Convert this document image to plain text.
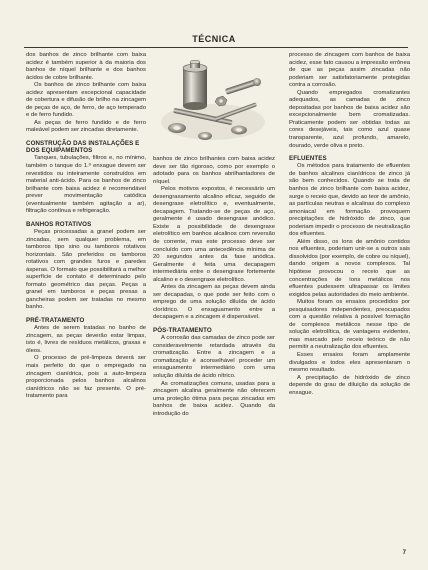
TÉCNICA

dos banhos de zinco brilhante com baixa acidez é também superior à da maioria dos banhos de níquel brilhante e dos banhos ácidos de cobre brilhante.

Os banhos de zinco brilhante com baixa acidez apresentam excepcional capacidade de cobertura e difusão de brilho na zincagem de peças de aço, de ferro, de aço temperado e de ferro fundido.

As peças de ferro fundido e de ferro maleável podem ser zincadas diretamente.

CONSTRUÇÃO DAS INSTALAÇÕES E DOS EQUIPAMENTOS

Tanques, tubulações, filtros e, no mínimo, também o tanque do 1.º enxague devem ser revestidos ou inteiramente construídos em material anti-ácido. Para os banhos de zinco brilhante com baixa acidez é recomendável prever movimentação catódica (eventualmente também agitação a ar), filtração contínua e refrigeração.

BANHOS ROTATIVOS

Peças processadas a granel podem ser zincadas, sem qualquer problema, em tamboros tipo sino ou tamboros rotativos horizontais. São preferidos os tamboros rotativos com grandes furos e paredes ásperas. O formato que possibilitará a melhor superfície de contato é determinado pelo formato geométrico das peças. Peças a granel em tamboros e peças presas a gancheiras podem ser tratadas no mesmo banho.

PRÉ-TRATAMENTO

Antes de serem tratadas no banho de zincagem, as peças deverão estar limpas, isto é, livres de resíduos metálicos, graxas e óleos.

O processo de pré-limpeza deverá ser mais perfeito do que o empregado na zincagem cianídrica, pois a auto-limpeza proporcionada pelos banhos alcalinos cianídricos não se faz presente. O pré-tratamento para

banhos de zinco brilhantes com baixa acidez deve ser tão rigoroso, como por exemplo o adotado para os banhos abrilhantadores de níquel.

Pelos motivos expostos, é necessário um desengraxamento alcalino eficaz, seguido de desengraxe eletrolítico e, eventualmente, decapagem. Tratando-se de peças de aço, geralmente é usado desengraxe anódico. Existe a possibilidade de desengraxe eletrolítico em banhos alcalinos com reversão de corrente, mas este processo deve ser concluído com uma antecedência mínima de 20 segundos antes da fase anódica. Geralmente é feita uma decapagem intermediária entre o desengraxe fortemente alcalino e o desengraxe eletrolítico.

Antes da zincagem as peças devem ainda ser decapadas, o que pode ser feito com o emprego de uma solução diluída de ácido clorídrico. O enxaguamento entre a decapagem e a zincagem é dispensável.

PÓS-TRATAMENTO

A corrosão das camadas de zinco pode ser consideravelmente retardada através da cromatização. Entre a zincagem e a cromatização é aconselhável proceder um enxaguamento intermediário com uma solução diluída de ácido nítrico.

As cromatizações comuns, usadas para a zincagem alcalina geralmente não oferecem uma proteção ótima para peças zincadas em banhos de baixa acidez. Quando da introdução do

processo de zincagem com banhos de baixa acidez, esse fato causou a impressão errônea de que as peças assim zincadas não poderiam ser satisfatoriamente protegidas contra a corrosão.

Quando empregados cromatizantes adequados, as camadas de zinco depositadas por banhos de baixa acidez são excepcionalmente bem cromatizadas. Praticamente podem ser obtidas todas as cores desejáveis, tais como azul quase transparente, azul profundo, amarelo, dourado, verde oliva e preto.

EFLUENTES

Os métodos para tratamento de efluentes de banhos alcalinos cianídricos de zinco já são bem conhecidos. Quando se trata de banhos de zinco brilhante com baixa acidez, surge o receio que, devido ao teor de amônio, as partículas neutras e alcalinas do complexo amoniacal em formação provoquem precipitações de hidróxido de zinco, que poderiam impedir o processo de neutralização dos efluentes.

Além disso, os íons de amônio contidos nos efluentes, poderiam unir-se a outros sais dissolvidos (por exemplo, de cobre ou níquel), dando origem a novos complexos. Tal hipótese provocou o receio que as concentrações de íons metálicos nos efluentes pudessem ultrapassar os limites exigidos pelas autoridades do meio ambiente.

Muitos foram os ensaios procedidos por pesquisadores independentes, preocupados com a questão relativa à possível formação de complexos metálicos nesse tipo de solução eletrolítica, de vantagens evidentes, mas marcado pelo receio teórico de não permitir a neutralização dos efluentes.

Esses ensaios foram amplamente divulgados e todos eles apresentaram o mesmo resultado.

A precipitação de hidróxido de zinco depende do grau de diluição da solução de enxague.

7
